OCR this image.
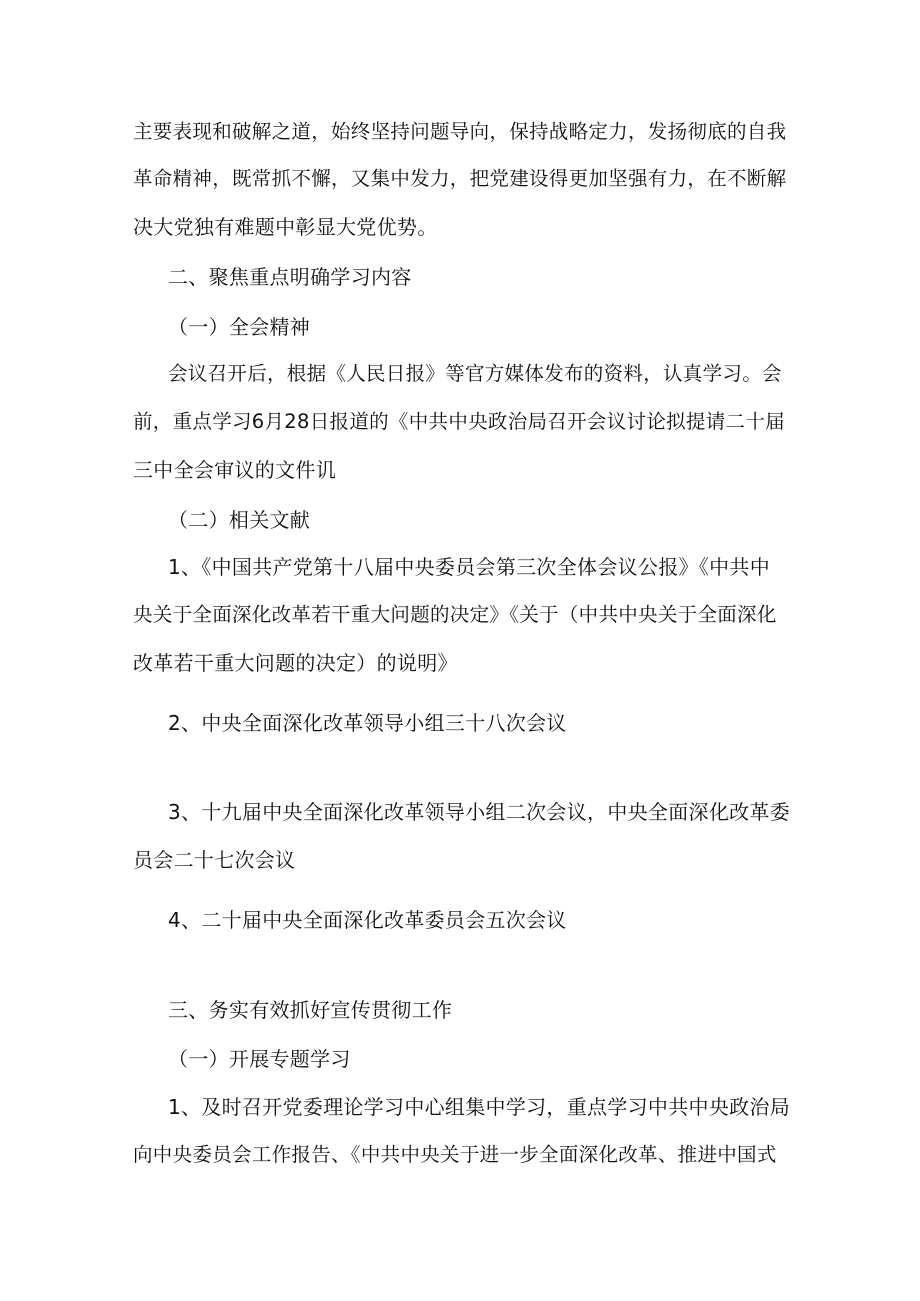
主要表现和破解之道，始终坚持问题导向，保持战略定力，发扬彻底的自我
革命精神，既常抓不懈，又集中发力，把党建设得更加坚强有力，在不断解
决大党独有难题中彰显大党优势。
二、聚焦重点明确学习内容
（一）全会精神
会议召开后，根据《人民日报》等官方媒体发布的资料，认真学习。会
前，重点学习6月28日报道的《中共中央政治局召开会议讨论拟提请二十届
三中全会审议的文件讥
（二）相关文献
1、《中国共产党第十八届中央委员会第三次全体会议公报》《中共中
央关于全面深化改革若干重大问题的决定》《关于（中共中央关于全面深化
改革若干重大问题的决定）的说明》
2、中央全面深化改革领导小组三十八次会议
3、十九届中央全面深化改革领导小组二次会议，中央全面深化改革委
员会二十七次会议
4、二十届中央全面深化改革委员会五次会议
三、务实有效抓好宣传贯彻工作
（一）开展专题学习
1、及时召开党委理论学习中心组集中学习，重点学习中共中央政治局
向中央委员会工作报告、《中共中央关于进一步全面深化改革、推进中国式
